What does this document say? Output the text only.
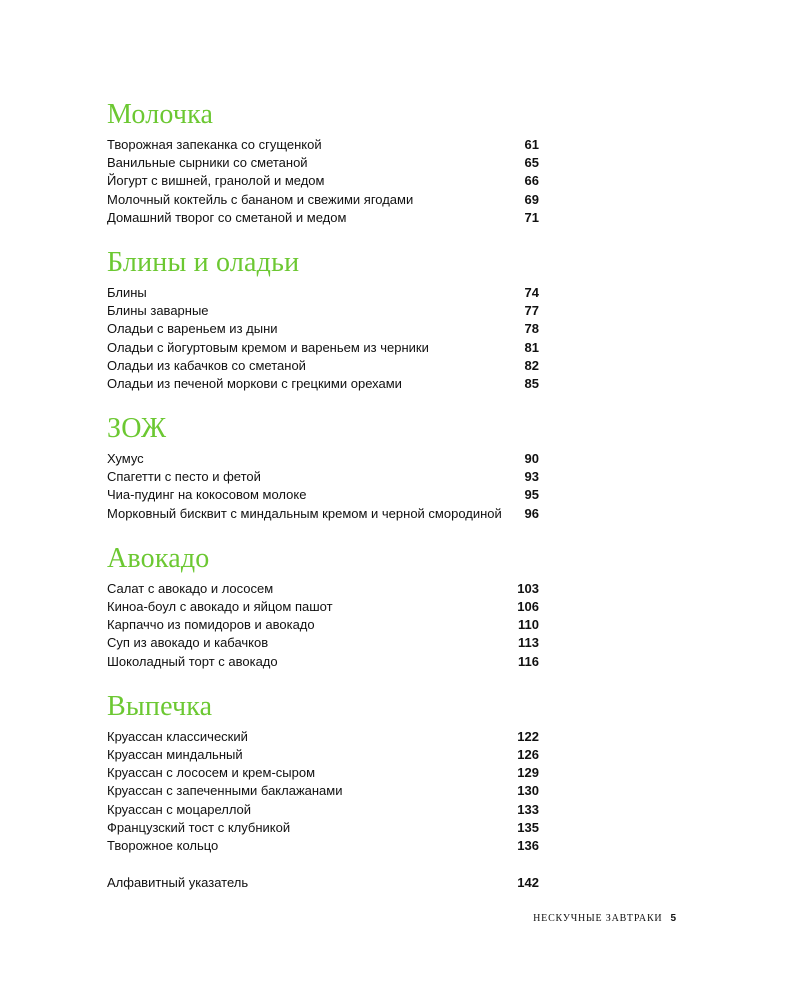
Молочка
Творожная запеканка со сгущенкой	61
Ванильные сырники со сметаной	65
Йогурт с вишней, гранолой и медом	66
Молочный коктейль с бананом и свежими ягодами	69
Домашний творог со сметаной и медом	71
Блины и оладьи
Блины	74
Блины заварные	77
Оладьи с вареньем из дыни	78
Оладьи с йогуртовым кремом и вареньем из черники	81
Оладьи из кабачков со сметаной	82
Оладьи из печеной моркови с грецкими орехами	85
ЗОЖ
Хумус	90
Спагетти с песто и фетой	93
Чиа-пудинг на кокосовом молоке	95
Морковный бисквит с миндальным кремом и черной смородиной	96
Авокадо
Салат с авокадо и лососем	103
Киноа-боул с авокадо и яйцом пашот	106
Карпаччо из помидоров и авокадо	110
Суп из авокадо и кабачков	113
Шоколадный торт с авокадо	116
Выпечка
Круассан классический	122
Круассан миндальный	126
Круассан с лососем и крем-сыром	129
Круассан с запеченными баклажанами	130
Круассан с моцареллой	133
Французский тост с клубникой	135
Творожное кольцо	136
Алфавитный указатель	142
НЕСКУЧНЫЕ ЗАВТРАКИ 5
